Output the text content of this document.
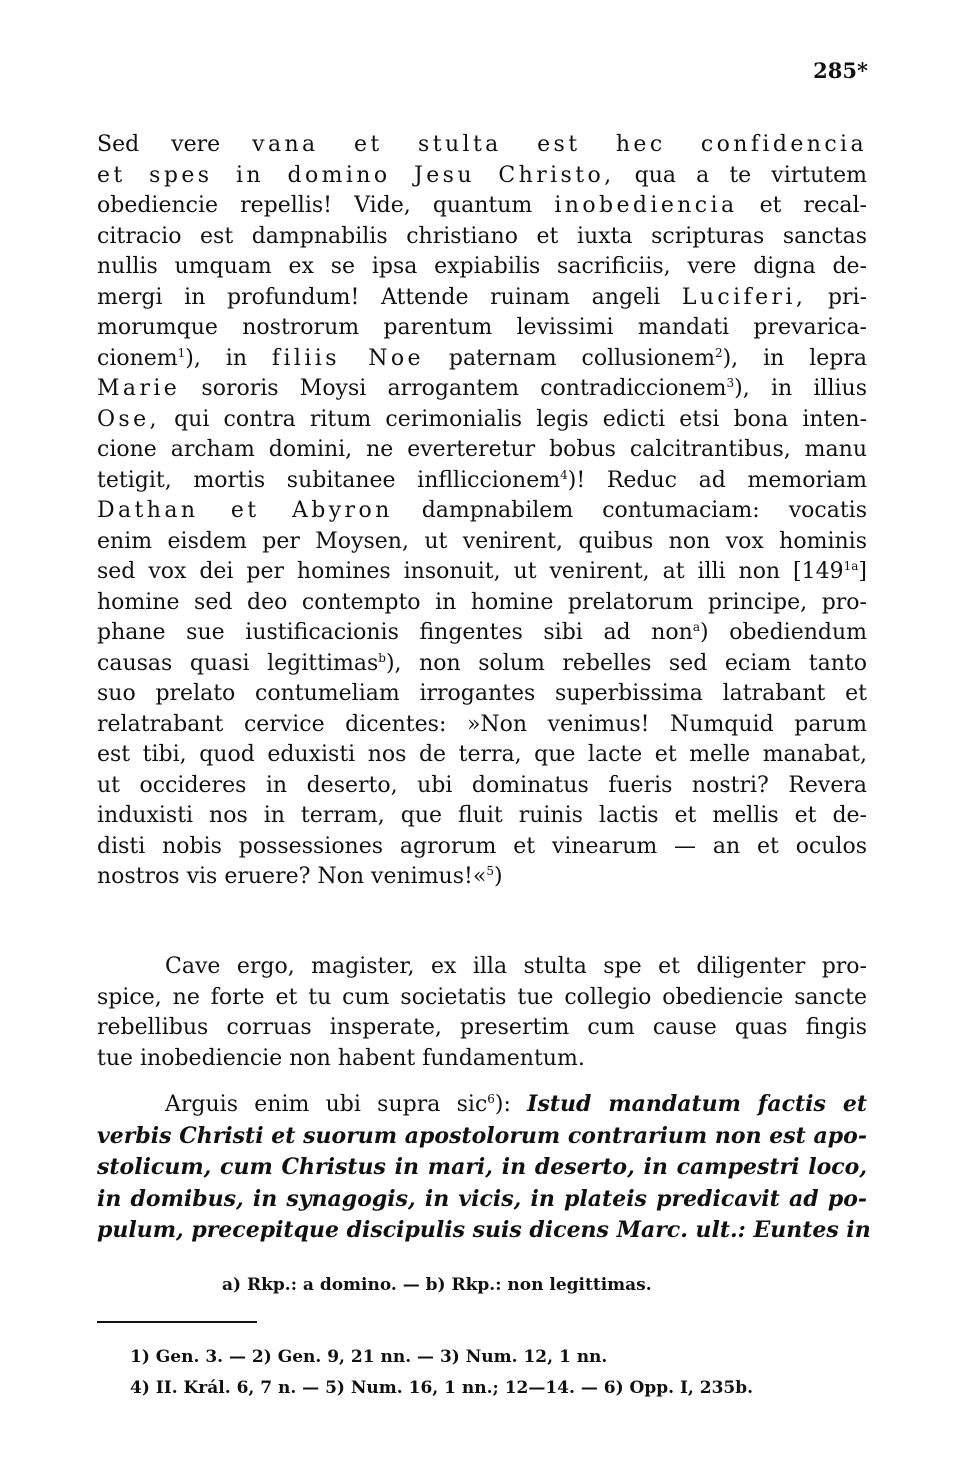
285*
Sed vere vana et stulta est hec confidencia
et spes in domino Jesu Christo, qua a te virtutem
obediencie repellis! Vide, quantum inobediencia et recal-
citracio est dampnabilis christiano et iuxta scripturas sanctas
nullis umquam ex se ipsa expiabilis sacrificiis, vere digna de-
mergi in profundum! Attende ruinam angeli Luciferi, pri-
morumque nostrorum parentum levissimi mandati prevarica-
cionem$^1$), in filiis Noe paternam collusionem$^2$), in lepra
Marie sororis Moysi arrogantem contradiccionem$^3$), in illius
Ose, qui contra ritum cerimonialis legis edicti etsi bona inten-
cione archam domini, ne everteretur bobus calcitrantibus, manu
tetigit, mortis subitanee inflliccionem$^4$)! Reduc ad memoriam
Dathan et Abyron dampnabilem contumaciam: vocatis
enim eisdem per Moysen, ut venirent, quibus non vox hominis
sed vox dei per homines insonuit, ut venirent, at illi non $[149^{1a}]$
homine sed deo contempto in homine prelatorum principe, pro-
phane sue iustificacionis fingentes sibi ad non$^a$) obediendum
causas quasi legittimas$^b$), non solum rebelles sed eciam tanto
suo prelato contumeliam irrogantes superbissima latrabant et
relatrabant cervice dicentes: »Non venimus! Numquid parum
est tibi, quod eduxisti nos de terra, que lacte et melle manabat,
ut occideres in deserto, ubi dominatus fueris nostri? Revera
induxisti nos in terram, que fluit ruinis lactis et mellis et de-
disti nobis possessiones agrorum et vinearum — an et oculos
nostros vis eruere? Non venimus!«$^5$)
Cave ergo, magister, ex illa stulta spe et diligenter pro-
spice, ne forte et tu cum societatis tue collegio obediencie sancte
rebellibus corruas insperate, presertim cum cause quas fingis
tue inobediencie non habent fundamentum.
Arguis enim ubi supra sic$^6$): Istud mandatum factis et
verbis Christi et suorum apostolorum contrarium non est apo-
stolicum, cum Christus in mari, in deserto, in campestri loco,
in domibus, in synagogis, in vicis, in plateis predicavit ad po-
pulum, precepitque discipulis suis dicens Marc. ult.: Euntes in
a) Rkp.: a domino. — b) Rkp.: non legittimas.
1) Gen. 3. — 2) Gen. 9, 21 nn. — 3) Num. 12, 1 nn.
4) II. Král. 6, 7 n. — 5) Num. 16, 1 nn.; 12—14. — 6) Opp. I, 235b.
